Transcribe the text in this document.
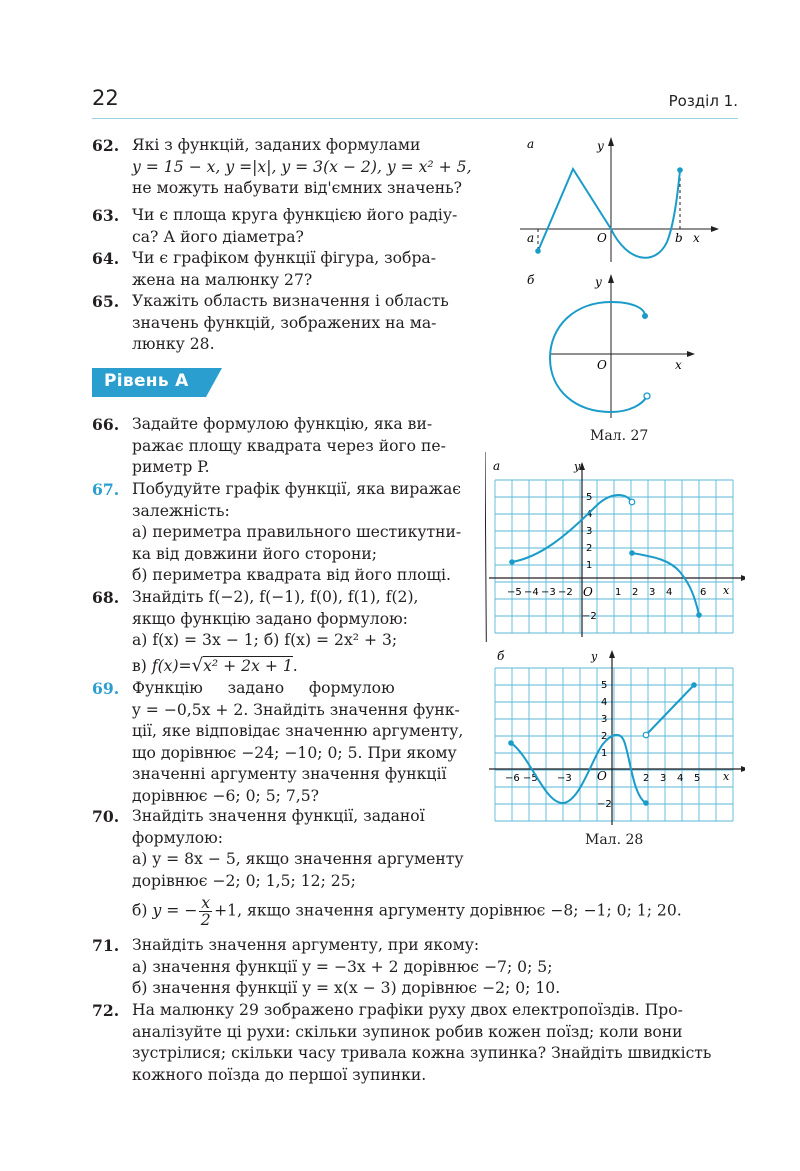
22	Розділ 1.
62. Які з функцій, заданих формулами
y = 15 − x, y =|x|, y = 3(x − 2), y = x² + 5,
не можуть набувати від'ємних значень?
63. Чи є площа круга функцією його радіу-
са? А його діаметра?
64. Чи є графіком функції фігура, зобра-
жена на малюнку 27?
65. Укажіть область визначення і область
значень функцій, зображених на ма-
люнку 28.
Рівень А
66. Задайте формулою функцію, яка ви-
ражає площу квадрата через його пе-
риметр P.
67. Побудуйте графік функції, яка виражає
залежність:
а) периметра правильного шестикутни-
ка від довжини його сторони;
б) периметра квадрата від його площі.
68. Знайдіть f(−2), f(−1), f(0), f(1), f(2),
якщо функцію задано формулою:
а) f(x) = 3x − 1; б) f(x) = 2x² + 3;
в) f(x)=√x² + 2x + 1.
69. Функцію     задано     формулою
y = −0,5x + 2. Знайдіть значення функ-
ції, яке відповідає значенню аргументу,
що дорівнює −24; −10; 0; 5. При якому
значенні аргументу значення функції
дорівнює −6; 0; 5; 7,5?
70. Знайдіть значення функції, заданої
формулою:
а) y = 8x − 5, якщо значення аргументу
дорівнює −2; 0; 1,5; 12; 25;
б) y = − $\frac{x}{2} +1$, якщо значення аргументу дорівнює −8; −1; 0; 1; 20.
71. Знайдіть значення аргументу, при якому:
а) значення функції y = −3x + 2 дорівнює −7; 0; 5;
б) значення функції y = x(x − 3) дорівнює −2; 0; 10.
72. На малюнку 29 зображено графіки руху двох електропоїздів. Про-
аналізуйте ці рухи: скільки зупинок робив кожен поїзд; коли вони
зустрілися; скільки часу тривала кожна зупинка? Знайдіть швидкість
кожного поїзда до першої зупинки.
а	y
x
O
a	b
б	y
x
O
Мал. 27
а	y
x
O
−5 −4 −3 −2	1 2 3 4	6
5
4
3
2
1
−2
б	y
x
O
−6 −5 −3	2 3 4 5
5
4
3
2
1
−2
Мал. 28
